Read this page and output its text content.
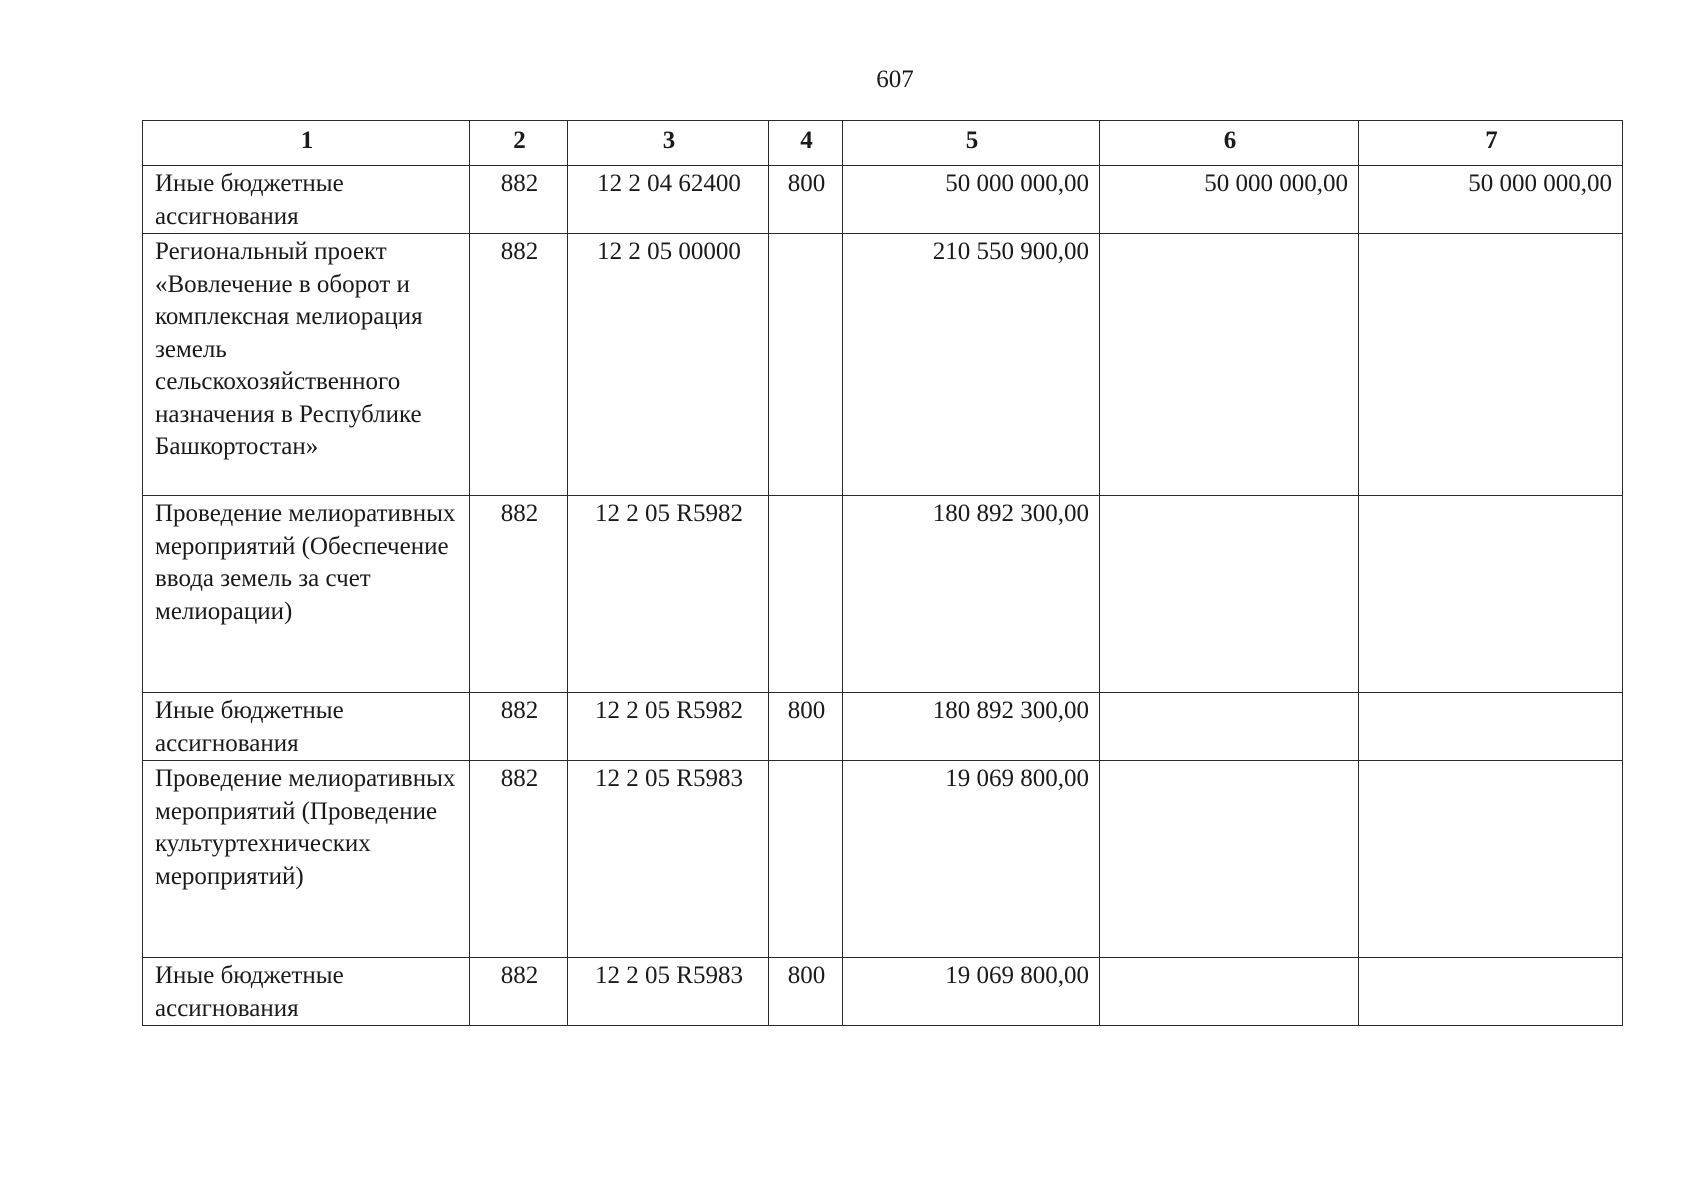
607
1	2	3	4	5	6	7
Иные бюджетные ассигнования	882	12 2 04 62400	800	50 000 000,00	50 000 000,00	50 000 000,00
Региональный проект «Вовлечение в оборот и комплексная мелиорация земель сельскохозяйственного назначения в Республике Башкортостан»	882	12 2 05 00000		210 550 900,00		
Проведение мелиоративных мероприятий (Обеспечение ввода земель за счет мелиорации)	882	12 2 05 R5982		180 892 300,00		
Иные бюджетные ассигнования	882	12 2 05 R5982	800	180 892 300,00		
Проведение мелиоративных мероприятий (Проведение культуртехнических мероприятий)	882	12 2 05 R5983		19 069 800,00		
Иные бюджетные ассигнования	882	12 2 05 R5983	800	19 069 800,00		
